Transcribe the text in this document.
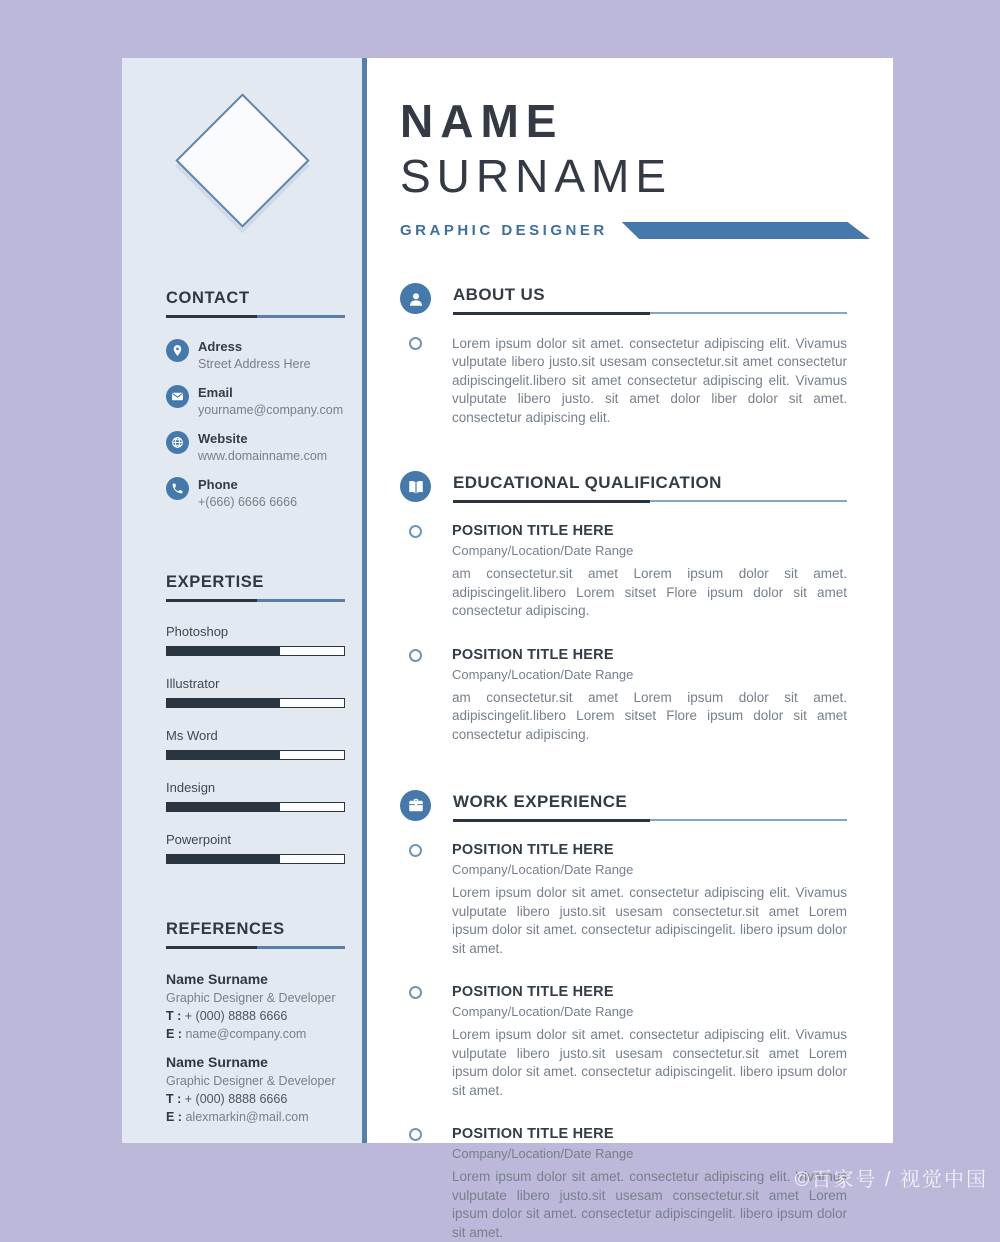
CONTACT
Adress
Street Address Here
Email
yourname@company.com
Website
www.domainname.com
Phone
+(666) 6666 6666
EXPERTISE
Photoshop
Illustrator
Ms Word
Indesign
Powerpoint
REFERENCES
Name Surname
Graphic Designer & Developer
T : + (000) 8888 6666
E : name@company.com
Name Surname
Graphic Designer & Developer
T : + (000) 8888 6666
E : alexmarkin@mail.com
NAME
SURNAME
GRAPHIC DESIGNER
ABOUT US
Lorem ipsum dolor sit amet. consectetur adipiscing elit. Vivamus vulputate libero justo.sit usesam consectetur.sit amet consectetur adipiscingelit.libero sit amet consectetur adipiscing elit. Vivamus vulputate libero justo. sit amet dolor liber dolor sit amet. consectetur adipiscing elit.
EDUCATIONAL QUALIFICATION
POSITION TITLE HERE
Company/Location/Date Range
am consectetur.sit amet Lorem ipsum dolor sit amet. adipiscingelit.libero Lorem sitset Flore ipsum dolor sit amet consectetur adipiscing.
POSITION TITLE HERE
Company/Location/Date Range
am consectetur.sit amet Lorem ipsum dolor sit amet. adipiscingelit.libero Lorem sitset Flore ipsum dolor sit amet consectetur adipiscing.
WORK EXPERIENCE
POSITION TITLE HERE
Company/Location/Date Range
Lorem ipsum dolor sit amet. consectetur adipiscing elit. Vivamus vulputate libero justo.sit usesam consectetur.sit amet Lorem ipsum dolor sit amet. consectetur adipiscingelit. libero ipsum dolor sit amet.
POSITION TITLE HERE
Company/Location/Date Range
Lorem ipsum dolor sit amet. consectetur adipiscing elit. Vivamus vulputate libero justo.sit usesam consectetur.sit amet Lorem ipsum dolor sit amet. consectetur adipiscingelit. libero ipsum dolor sit amet.
POSITION TITLE HERE
Company/Location/Date Range
Lorem ipsum dolor sit amet. consectetur adipiscing elit. Vivamus vulputate libero justo.sit usesam consectetur.sit amet Lorem ipsum dolor sit amet. consectetur adipiscingelit. libero ipsum dolor sit amet.
©百家号 / 视觉中国
